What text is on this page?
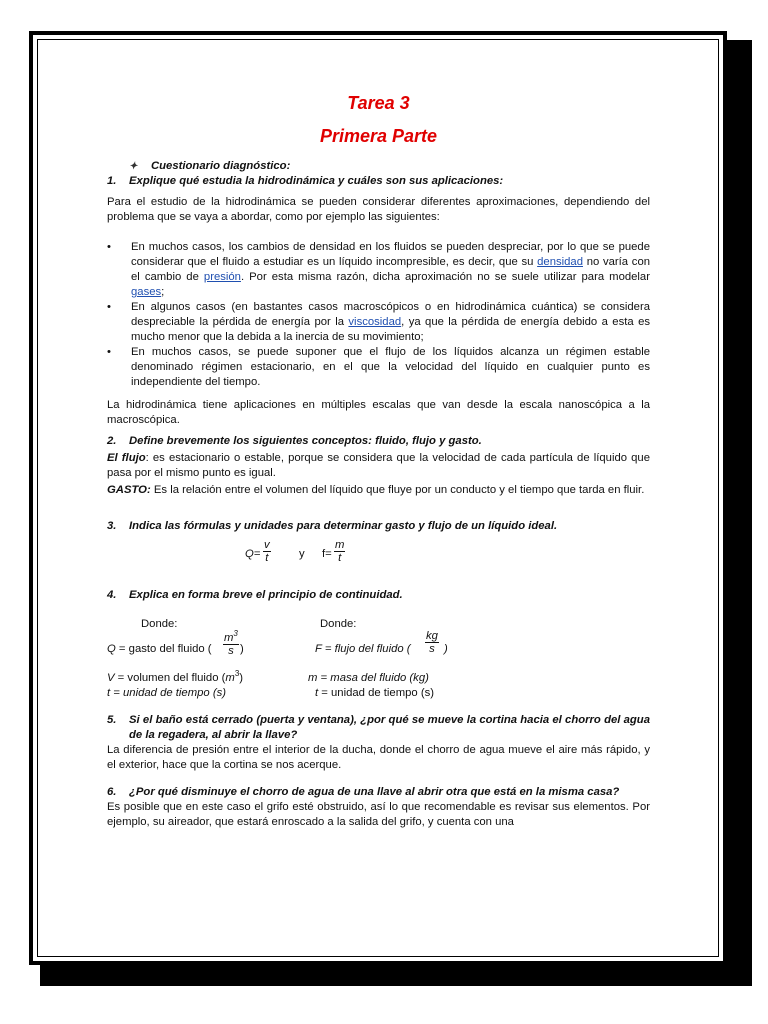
Tarea 3
Primera Parte
✦ Cuestionario diagnóstico:
1.	Explique qué estudia la hidrodinámica y cuáles son sus aplicaciones:

Para el estudio de la hidrodinámica se pueden considerar diferentes aproximaciones, dependiendo del problema que se vaya a abordar, como por ejemplo las siguientes:

• En muchos casos, los cambios de densidad en los fluidos se pueden despreciar, por lo que se puede considerar que el fluido a estudiar es un líquido incompresible, es decir, que su densidad no varía con el cambio de presión. Por esta misma razón, dicha aproximación no se suele utilizar para modelar gases;
• En algunos casos (en bastantes casos macroscópicos o en hidrodinámica cuántica) se considera despreciable la pérdida de energía por la viscosidad, ya que la pérdida de energía debido a esta es mucho menor que la debida a la inercia de su movimiento;
• En muchos casos, se puede suponer que el flujo de los líquidos alcanza un régimen estable denominado régimen estacionario, en el que la velocidad del líquido en cualquier punto es independiente del tiempo.

La hidrodinámica tiene aplicaciones en múltiples escalas que van desde la escala nanoscópica a la macroscópica.

2.	Define brevemente los siguientes conceptos: fluido, flujo y gasto.

El flujo: es estacionario o estable, porque se considera que la velocidad de cada partícula de líquido que pasa por el mismo punto es igual.

GASTO: Es la relación entre el volumen del líquido que fluye por un conducto y el tiempo que tarda en fluir.

3.	Indica las fórmulas y unidades para determinar gasto y flujo de un líquido ideal.
$Q= \frac{v}{t}$	y $f= \frac{m}{t}$
4.	Explica en forma breve el principio de continuidad.
Donde:	Donde:
Q = gasto del fluido ( $\frac{m^3}{s}$ )	F = flujo del fluido ( $\frac{kg}{s}$ )
V = volumen del fluido $(m^3)$	m = masa del fluido (kg)
t = unidad de tiempo (s)	t = unidad de tiempo (s)
5.	Si el baño está cerrado (puerta y ventana), ¿por qué se mueve la cortina hacia el chorro del agua de la regadera, al abrir la llave?

La diferencia de presión entre el interior de la ducha, donde el chorro de agua mueve el aire más rápido, y el exterior, hace que la cortina se nos acerque.

6.	¿Por qué disminuye el chorro de agua de una llave al abrir otra que está en la misma casa?

Es posible que en este caso el grifo esté obstruido, así lo que recomendable es revisar sus elementos. Por ejemplo, su aireador, que estará enroscado a la salida del grifo, y cuenta con una
